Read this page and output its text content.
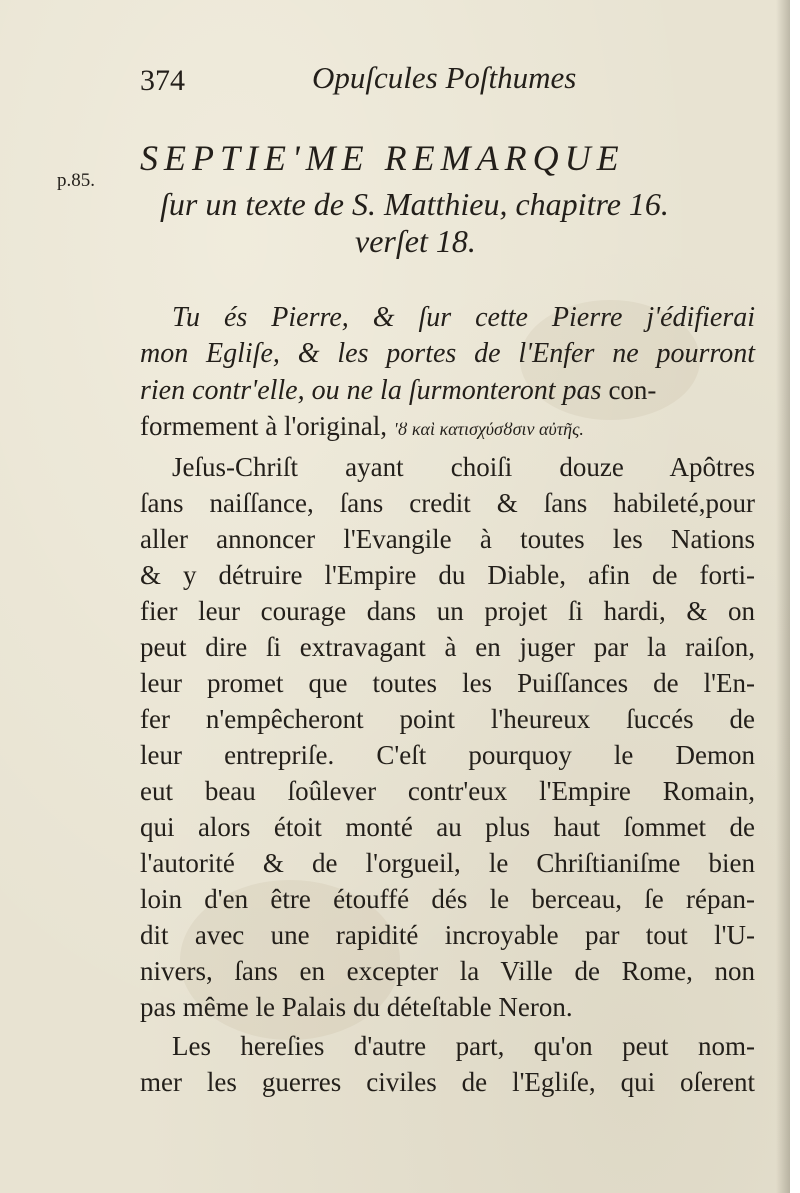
374	Opuſcules Poſthumes
p.85.
SEPTIE'ME REMARQUE
ſur un texte de S. Matthieu, chapitre 16.
verſet 18.
Tu és Pierre, & ſur cette Pierre j'édifierai
mon Egliſe, & les portes de l'Enfer ne pourront
rien contr'elle, ou ne la ſurmonteront pas con-
formement à l'original, 'ȣ καὶ κατισχύσȣσιν αὐτῆς.
Jeſus-Chriſt ayant choiſi douze Apôtres
ſans naiſſance, ſans credit & ſans habileté,pour
aller annoncer l'Evangile à toutes les Nations
& y détruire l'Empire du Diable, afin de forti-
fier leur courage dans un projet ſi hardi, & on
peut dire ſi extravagant à en juger par la raiſon,
leur promet que toutes les Puiſſances de l'En-
fer n'empêcheront point l'heureux ſuccés de
leur entrepriſe. C'eſt pourquoy le Demon
eut beau ſoûlever contr'eux l'Empire Romain,
qui alors étoit monté au plus haut ſommet de
l'autorité & de l'orgueil, le Chriſtianiſme bien
loin d'en être étouffé dés le berceau, ſe répan-
dit avec une rapidité incroyable par tout l'U-
nivers, ſans en excepter la Ville de Rome, non
pas même le Palais du déteſtable Neron.
Les hereſies d'autre part, qu'on peut nom-
mer les guerres civiles de l'Egliſe, qui oſerent
